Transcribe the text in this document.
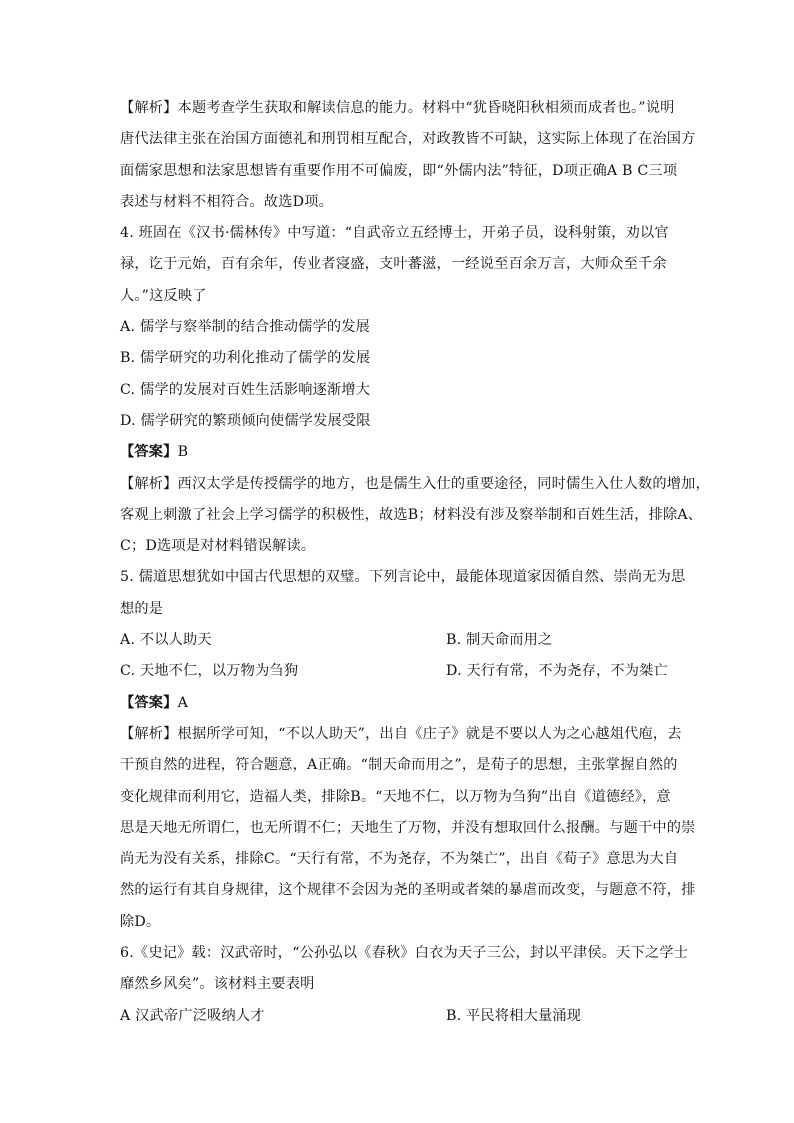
【解析】本题考查学生获取和解读信息的能力。材料中“犹昏晓阳秋相须而成者也。”说明
唐代法律主张在治国方面德礼和刑罚相互配合，对政教皆不可缺，这实际上体现了在治国方
面儒家思想和法家思想皆有重要作用不可偏废，即“外儒内法”特征，D项正确A B C三项
表述与材料不相符合。故选D项。
4. 班固在《汉书·儒林传》中写道：“自武帝立五经博士，开弟子员，设科射策，劝以官
禄，讫于元始，百有余年，传业者寖盛，支叶蕃滋，一经说至百余万言，大师众至千余
人。”这反映了
A. 儒学与察举制的结合推动儒学的发展
B. 儒学研究的功利化推动了儒学的发展
C. 儒学的发展对百姓生活影响逐渐增大
D. 儒学研究的繁琐倾向使儒学发展受限
【答案】B
【解析】西汉太学是传授儒学的地方，也是儒生入仕的重要途径，同时儒生入仕人数的增加，
客观上刺激了社会上学习儒学的积极性，故选B；材料没有涉及察举制和百姓生活，排除A、
C；D选项是对材料错误解读。
5. 儒道思想犹如中国古代思想的双璧。下列言论中，最能体现道家因循自然、崇尚无为思
想的是
A. 不以人助天	B. 制天命而用之
C. 天地不仁，以万物为刍狗	D. 天行有常，不为尧存，不为桀亡
【答案】A
【解析】根据所学可知，“不以人助天”，出自《庄子》就是不要以人为之心越俎代庖，去
干预自然的进程，符合题意，A正确。“制天命而用之”，是荀子的思想，主张掌握自然的
变化规律而利用它，造福人类，排除B。“天地不仁，以万物为刍狗”出自《道德经》，意
思是天地无所谓仁，也无所谓不仁；天地生了万物，并没有想取回什么报酬。与题干中的崇
尚无为没有关系，排除C。“天行有常，不为尧存，不为桀亡”，出自《荀子》意思为大自
然的运行有其自身规律，这个规律不会因为尧的圣明或者桀的暴虐而改变，与题意不符，排
除D。
6.《史记》载：汉武帝时，“公孙弘以《春秋》白衣为天子三公，封以平津侯。天下之学士
靡然乡风矣”。该材料主要表明
A 汉武帝广泛吸纳人才	B. 平民将相大量涌现
